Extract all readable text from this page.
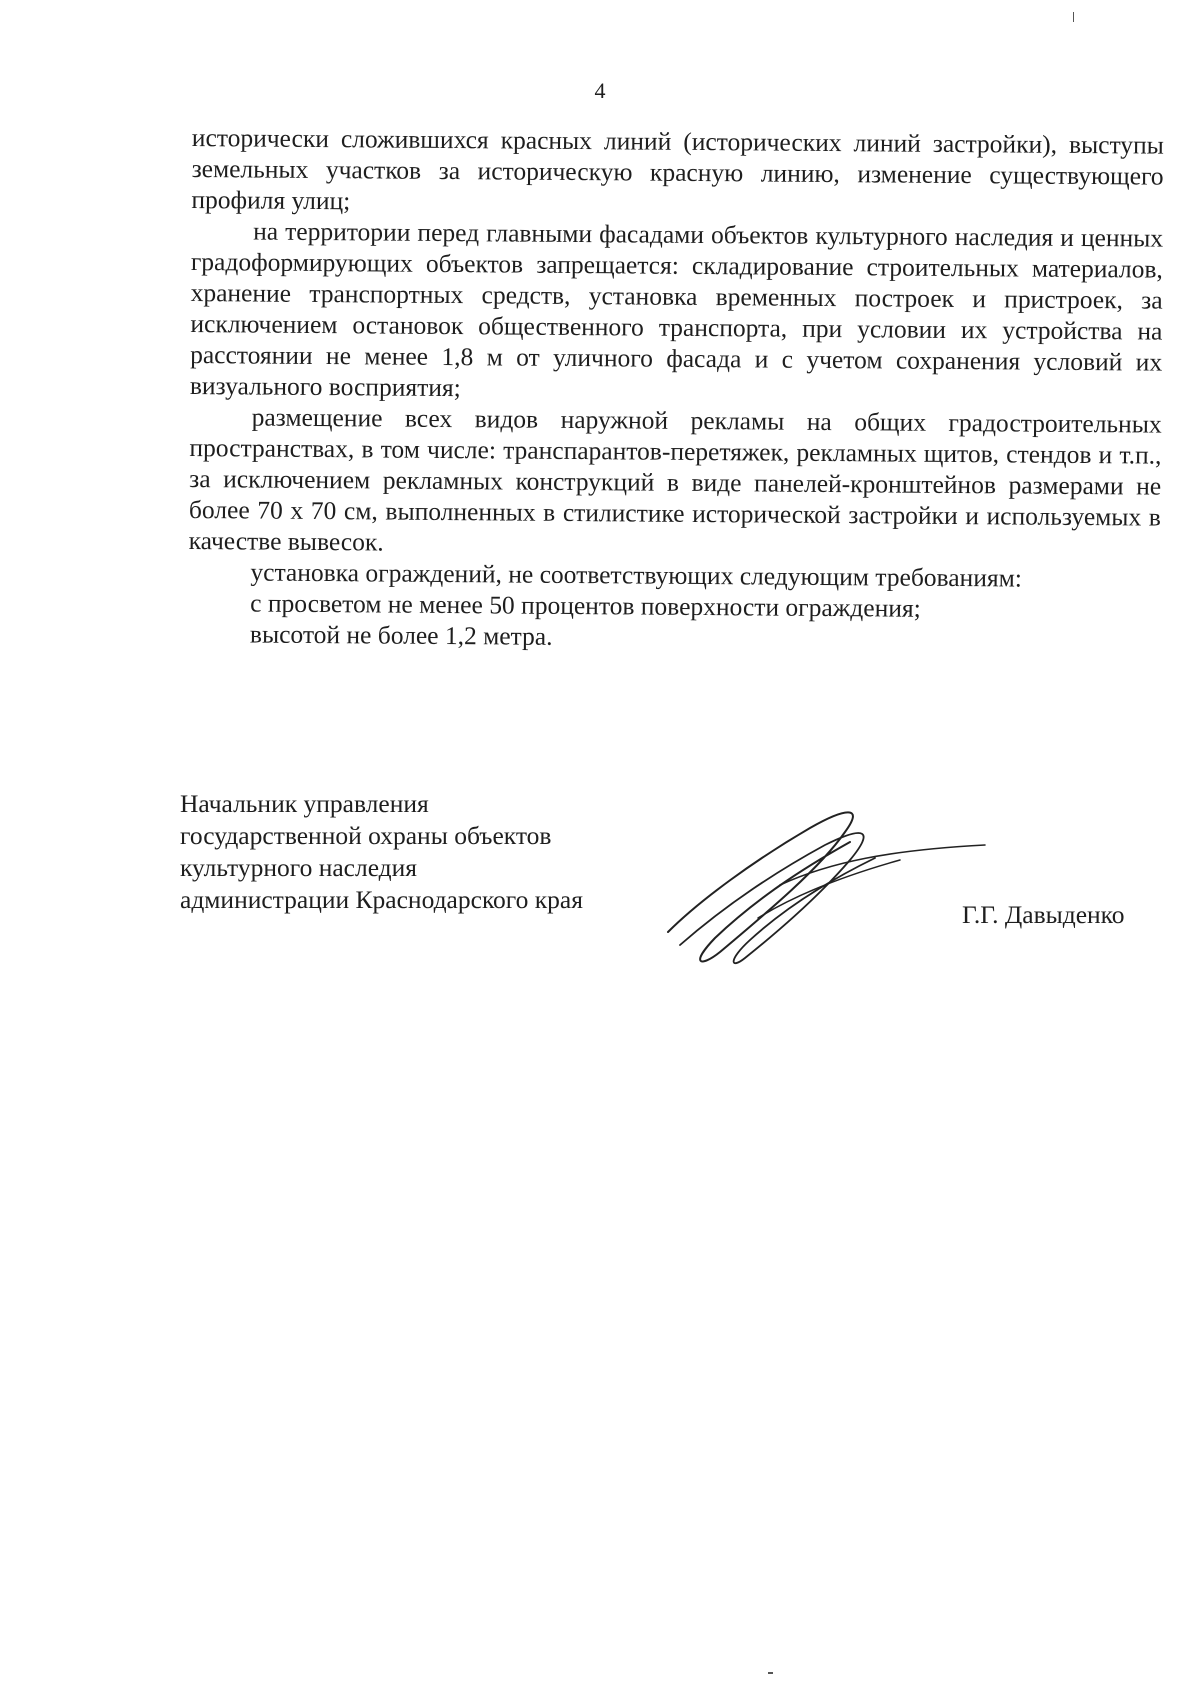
4

исторически сложившихся красных линий (исторических линий застройки), выступы земельных участков за историческую красную линию, изменение существующего профиля улиц;

на территории перед главными фасадами объектов культурного наследия и ценных градоформирующих объектов запрещается: складирование строительных материалов, хранение транспортных средств, установка временных построек и пристроек, за исключением остановок общественного транспорта, при условии их устройства на расстоянии не менее 1,8 м от уличного фасада и с учетом сохранения условий их визуального восприятия;

размещение всех видов наружной рекламы на общих градостроительных пространствах, в том числе: транспарантов-перетяжек, рекламных щитов, стендов и т.п., за исключением рекламных конструкций в виде панелей-кронштейнов размерами не более 70 х 70 см, выполненных в стилистике исторической застройки и используемых в качестве вывесок.

установка ограждений, не соответствующих следующим требованиям:

с просветом не менее 50 процентов поверхности ограждения;

высотой не более 1,2 метра.

Начальник управления
государственной охраны объектов
культурного наследия
администрации Краснодарского края
Г.Г. Давыденко
